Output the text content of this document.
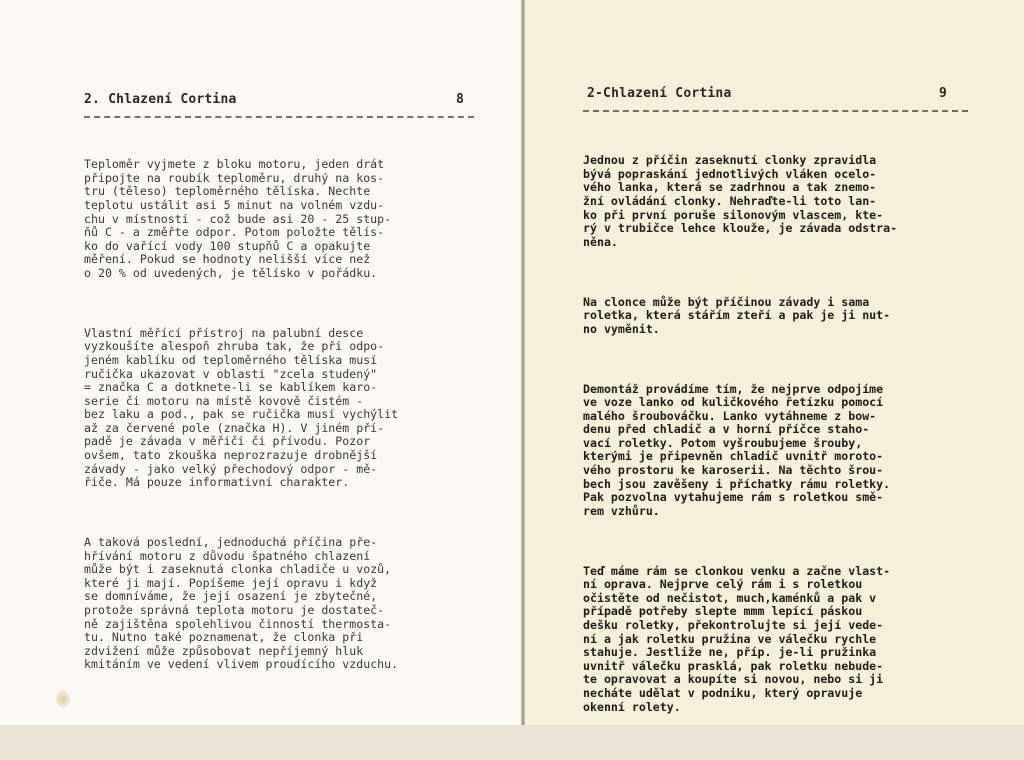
2. Chlazení Cortina	8

Teploměr vyjmete z bloku motoru, jeden drát
připojte na roubík teploměru, druhý na kos-
tru (těleso) teploměrného tělíska. Nechte
teplotu ustálit asi 5 minut na volném vzdu-
chu v místnosti - což bude asi 20 - 25 stup-
ňů C - a změřte odpor. Potom položte tělís-
ko do vařící vody 100 stupňů C a opakujte
měření. Pokud se hodnoty nelišší více než
o 20 % od uvedených, je tělísko v pořádku.

Vlastní měřící přístroj na palubní desce
vyzkoušíte alespoň zhruba tak, že při odpo-
jeném kablíku od teploměrného tělíska musí
ručička ukazovat v oblasti "zcela studený"
= značka C a dotknete-li se kablíkem karo-
serie či motoru na místě kovově čistém -
bez laku a pod., pak se ručička musí vychýlit
až za červené pole (značka H). V jiném pří-
padě je závada v měřiči či přívodu. Pozor
ovšem, tato zkouška neprozrazuje drobnější
závady - jako velký přechodový odpor - mě-
řiče. Má pouze informativní charakter.

A taková poslední, jednoduchá příčina pře-
hřívání motoru z důvodu špatného chlazení
může být i zaseknutá clonka chladiče u vozů,
které ji mají. Popíšeme její opravu i když
se domníváme, že její osazení je zbytečné,
protože správná teplota motoru je dostateč-
ně zajištěna spolehlivou činností thermosta-
tu. Nutno také poznamenat, že clonka při
zdvižení může způsobovat nepříjemný hluk
kmitáním ve vedení vlivem proudícího vzduchu.

2-Chlazení Cortina	9

Jednou z příčin zaseknutí clonky zpravidla
bývá popraskání jednotlivých vláken ocelo-
vého lanka, která se zadrhnou a tak znemo-
žní ovládání clonky. Nehraďte-li toto lan-
ko při první poruše silonovým vlascem, kte-
rý v trubičce lehce klouže, je závada odstra-
něna.

Na clonce může být příčinou závady i sama
roletka, která stářím zteří a pak je ji nut-
no vyměnit.

Demontáž provádíme tím, že nejprve odpojíme
ve voze lanko od kuličkového řetízku pomocí
malého šroubováčku. Lanko vytáhneme z bow-
denu před chladič a v horní příčce staho-
vací roletky. Potom vyšroubujeme šrouby,
kterými je připevněn chladič uvnitř moroto-
vého prostoru ke karoserii. Na těchto šrou-
bech jsou zavěšeny i příchatky rámu roletky.
Pak pozvolna vytahujeme rám s roletkou smě-
rem vzhůru.

Teď máme rám se clonkou venku a začne vlast-
ní oprava. Nejprve celý rám i s roletkou
očistěte od nečistot, much,kaménků a pak v
případě potřeby slepte mmm lepící páskou
dešku roletky, překontrolujte si její vede-
ní a jak roletku pružina ve válečku rychle
stahuje. Jestliže ne, příp. je-li pružinka
uvnitř válečku prasklá, pak roletku nebude-
te opravovat a koupíte si novou, nebo si ji
necháte udělat v podniku, který opravuje
okenní rolety.
